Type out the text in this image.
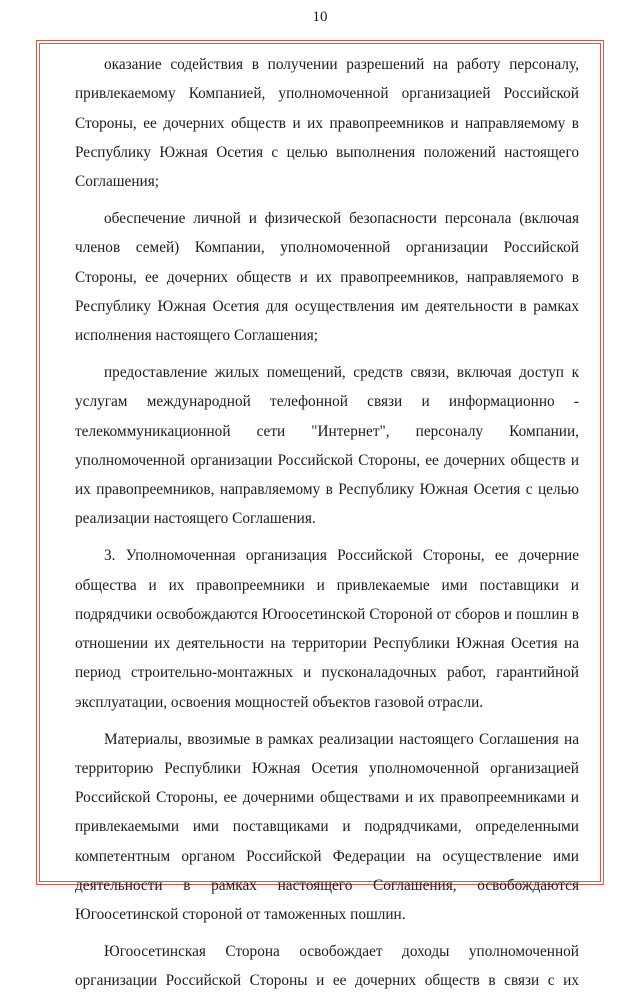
10

оказание содействия в получении разрешений на работу персоналу, привлекаемому Компанией, уполномоченной организацией Российской Стороны, ее дочерних обществ и их правопреемников и направляемому в Республику Южная Осетия с целью выполнения положений настоящего Соглашения;

обеспечение личной и физической безопасности персонала (включая членов семей) Компании, уполномоченной организации Российской Стороны, ее дочерних обществ и их правопреемников, направляемого в Республику Южная Осетия для осуществления им деятельности в рамках исполнения настоящего Соглашения;

предоставление жилых помещений, средств связи, включая доступ к услугам международной телефонной связи и информационно - телекоммуникационной сети "Интернет", персоналу Компании, уполномоченной организации Российской Стороны, ее дочерних обществ и их правопреемников, направляемому в Республику Южная Осетия с целью реализации настоящего Соглашения.

3. Уполномоченная организация Российской Стороны, ее дочерние общества и их правопреемники и привлекаемые ими поставщики и подрядчики освобождаются Югоосетинской Стороной от сборов и пошлин в отношении их деятельности на территории Республики Южная Осетия на период строительно-монтажных и пусконаладочных работ, гарантийной эксплуатации, освоения мощностей объектов газовой отрасли.

Материалы, ввозимые в рамках реализации настоящего Соглашения на территорию Республики Южная Осетия уполномоченной организацией Российской Стороны, ее дочерними обществами и их правопреемниками и привлекаемыми ими поставщиками и подрядчиками, определенными компетентным органом Российской Федерации на осуществление ими деятельности в рамках настоящего Соглашения, освобождаются Югоосетинской стороной от таможенных пошлин.

Югоосетинская Сторона освобождает доходы уполномоченной организации Российской Стороны и ее дочерних обществ в связи с их
